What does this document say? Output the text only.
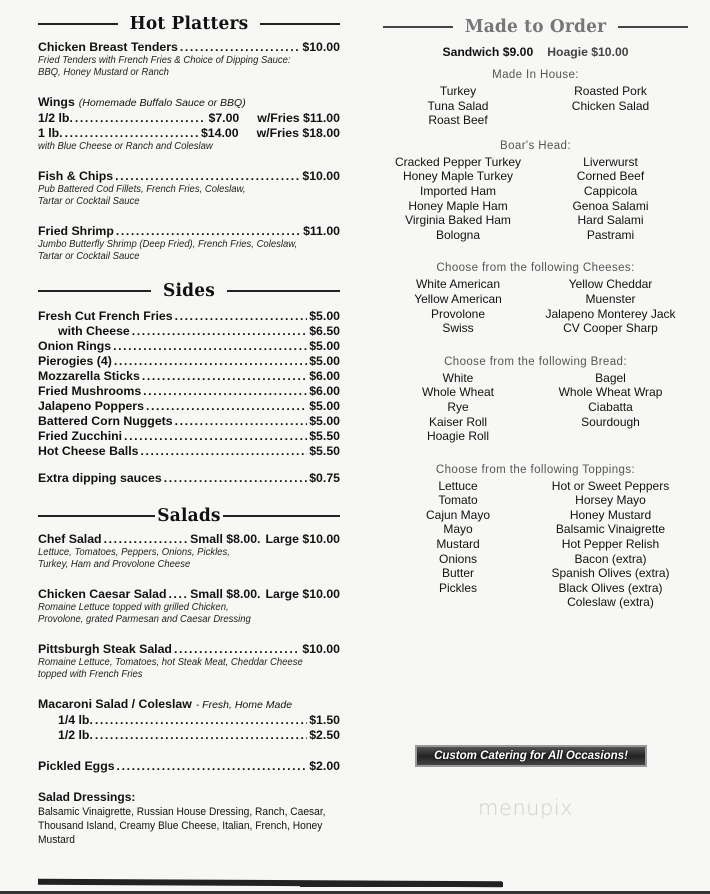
Hot Platters
Chicken Breast Tenders .....	$10.00
Fried Tenders with French Fries & Choice of Dipping Sauce:
BBQ, Honey Mustard or Ranch
Wings (Homemade Buffalo Sauce or BBQ)
1/2 lb. .....	$7.00 w/Fries $11.00
1 lb. .....	$14.00 w/Fries $18.00
with Blue Cheese or Ranch and Coleslaw
Fish & Chips .....	$10.00
Pub Battered Cod Fillets, French Fries, Coleslaw,
Tartar or Cocktail Sauce
Fried Shrimp .....	$11.00
Jumbo Butterfly Shrimp (Deep Fried), French Fries, Coleslaw,
Tartar or Cocktail Sauce
Sides
Fresh Cut French Fries .....	$5.00
with Cheese .....	$6.50
Onion Rings .....	$5.00
Pierogies (4) .....	$5.00
Mozzarella Sticks .....	$6.00
Fried Mushrooms .....	$6.00
Jalapeno Poppers .....	$5.00
Battered Corn Nuggets .....	$5.00
Fried Zucchini .....	$5.50
Hot Cheese Balls .....	$5.50
Extra dipping sauces .....	$0.75
Salads
Chef Salad .....	Small $8.00. Large $10.00
Lettuce, Tomatoes, Peppers, Onions, Pickles,
Turkey, Ham and Provolone Cheese
Chicken Caesar Salad ..... Small $8.00. Large $10.00
Romaine Lettuce topped with grilled Chicken,
Provolone, grated Parmesan and Caesar Dressing
Pittsburgh Steak Salad .....	$10.00
Romaine Lettuce, Tomatoes, hot Steak Meat, Cheddar Cheese
topped with French Fries
Macaroni Salad / Coleslaw - Fresh, Home Made
1/4 lb. .....	$1.50
1/2 lb. .....	$2.50
Pickled Eggs .....	$2.00
Salad Dressings:
Balsamic Vinaigrette, Russian House Dressing, Ranch, Caesar, Thousand Island, Creamy Blue Cheese, Italian, French, Honey Mustard
Made to Order
Sandwich $9.00 Hoagie $10.00
Made In House:
Turkey
Tuna Salad
Roast Beef
Roasted Pork
Chicken Salad
Boar's Head:
Cracked Pepper Turkey
Honey Maple Turkey
Imported Ham
Honey Maple Ham
Virginia Baked Ham
Bologna
Liverwurst
Corned Beef
Cappicola
Genoa Salami
Hard Salami
Pastrami
Choose from the following Cheeses:
White American
Yellow American
Provolone
Swiss
Yellow Cheddar
Muenster
Jalapeno Monterey Jack
CV Cooper Sharp
Choose from the following Bread:
White
Whole Wheat
Rye
Kaiser Roll
Hoagie Roll
Bagel
Whole Wheat Wrap
Ciabatta
Sourdough
Choose from the following Toppings:
Lettuce
Tomato
Cajun Mayo
Mayo
Mustard
Onions
Butter
Pickles
Hot or Sweet Peppers
Horsey Mayo
Honey Mustard
Balsamic Vinaigrette
Hot Pepper Relish
Bacon (extra)
Spanish Olives (extra)
Black Olives (extra)
Coleslaw (extra)
Custom Catering for All Occasions!
menupix
